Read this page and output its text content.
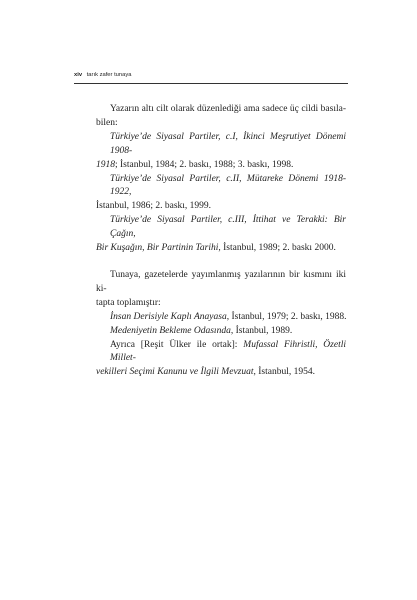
xiv tarık zafer tunaya

Yazarın altı cilt olarak düzenlediği ama sadece üç cildi basıla-
bilen:

Türkiye’de Siyasal Partiler, c.I, İkinci Meşrutiyet Dönemi 1908-
1918; İstanbul, 1984; 2. baskı, 1988; 3. baskı, 1998.

Türkiye’de Siyasal Partiler, c.II, Mütareke Dönemi 1918-1922,
İstanbul, 1986; 2. baskı, 1999.

Türkiye’de Siyasal Partiler, c.III, İttihat ve Terakki: Bir Çağın,
Bir Kuşağın, Bir Partinin Tarihi, İstanbul, 1989; 2. baskı 2000.

Tunaya, gazetelerde yayımlanmış yazılarının bir kısmını iki ki-
tapta toplamıştır:

İnsan Derisiyle Kaplı Anayasa, İstanbul, 1979; 2. baskı, 1988.

Medeniyetin Bekleme Odasında, İstanbul, 1989.

Ayrıca [Reşit Ülker ile ortak]: Mufassal Fihristli, Özetli Millet-
vekilleri Seçimi Kanunu ve İlgili Mevzuat, İstanbul, 1954.
